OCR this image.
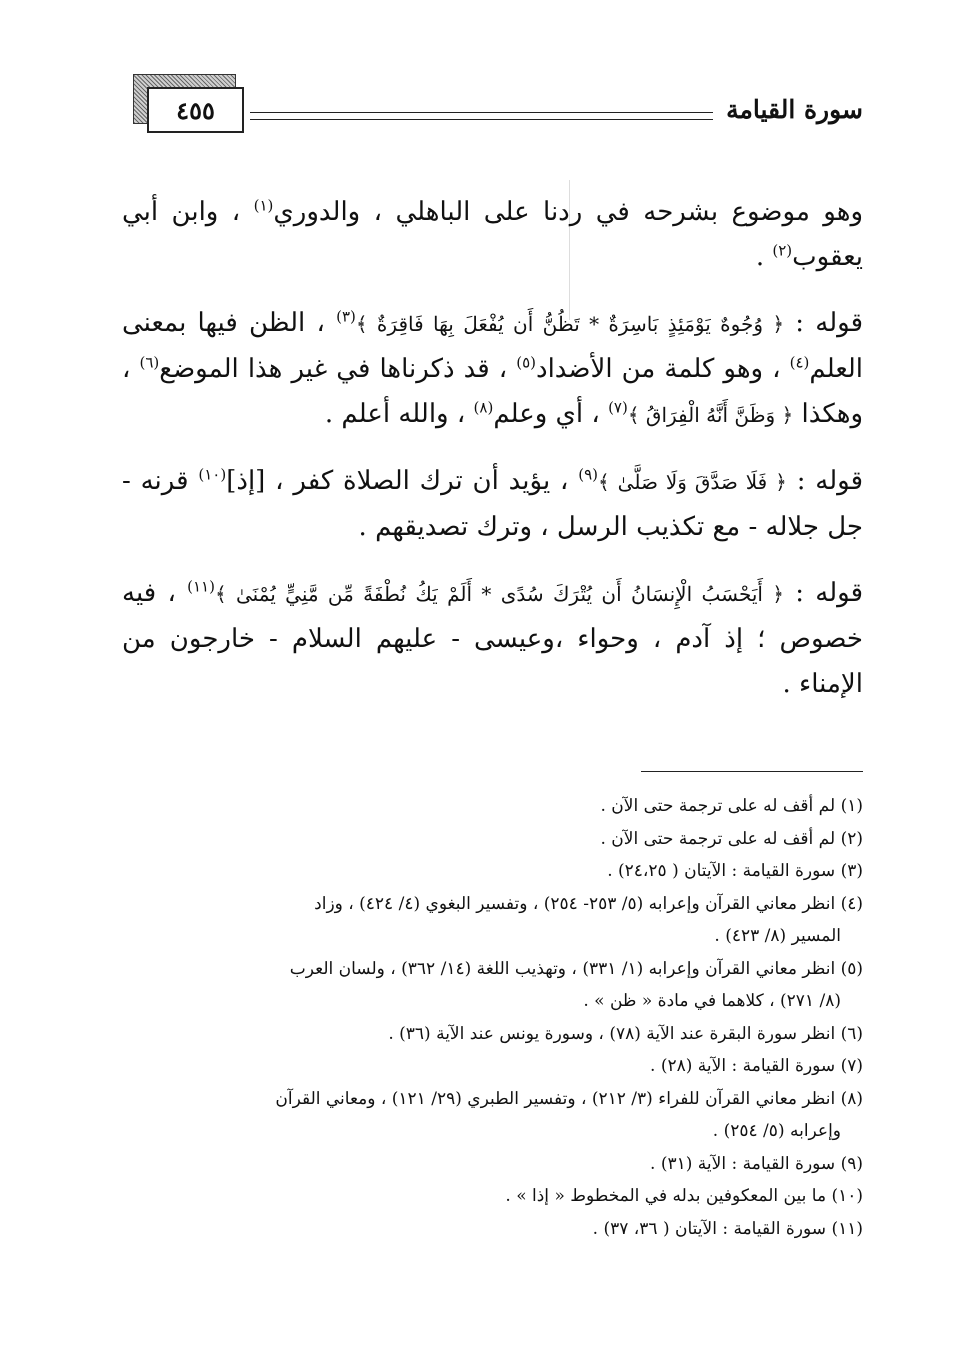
سورة القيامة
٤٥٥

وهو موضوع بشرحه في ردنا على الباهلي ، والدوري$^{(١)}$ ، وابن أبي يعقوب$^{(٢)}$ .

قوله : ﴿ وُجُوهٌ يَوْمَئِذٍ بَاسِرَةٌ * تَظُنُّ أَن يُفْعَلَ بِهَا فَاقِرَةٌ ﴾$^{(٣)}$ ، الظن فيها بمعنى العلم$^{(٤)}$ ، وهو كلمة من الأضداد$^{(٥)}$ ، قد ذكرناها في غير هذا الموضع$^{(٦)}$ ، وهكذا ﴿ وَظَنَّ أَنَّهُ الْفِرَاقُ ﴾$^{(٧)}$ ، أي وعلم$^{(٨)}$ ، والله أعلم .

قوله : ﴿ فَلَا صَدَّقَ وَلَا صَلَّىٰ ﴾$^{(٩)}$ ، يؤيد أن ترك الصلاة كفر ، [إذ]$^{(١٠)}$ قرنه - جل جلاله - مع تكذيب الرسل ، وترك تصديقهم .

قوله : ﴿ أَيَحْسَبُ الْإِنسَانُ أَن يُتْرَكَ سُدًى * أَلَمْ يَكُ نُطْفَةً مِّن مَّنِيٍّ يُمْنَىٰ ﴾$^{(١١)}$ ، فيه خصوص ؛ إذ آدم ، وحواء ،وعيسى - عليهم السلام - خارجون من الإمناء .

(١) لم أقف له على ترجمة حتى الآن .

(٢) لم أقف له على ترجمة حتى الآن .

(٣) سورة القيامة : الآيتان ( ٢٤،٢٥) .

(٤) انظر معاني القرآن وإعرابه (٥/ ٢٥٣- ٢٥٤) ، وتفسير البغوي (٤/ ٤٢٤) ، وزاد

المسير (٨/ ٤٢٣) .

(٥) انظر معاني القرآن وإعرابه (١/ ٣٣١) ، وتهذيب اللغة (١٤/ ٣٦٢) ، ولسان العرب

(٨/ ٢٧١) ، كلاهما في مادة « ظن » .

(٦) انظر سورة البقرة عند الآية (٧٨) ، وسورة يونس عند الآية (٣٦) .

(٧) سورة القيامة : الآية (٢٨) .

(٨) انظر معاني القرآن للفراء (٣/ ٢١٢) ، وتفسير الطبري (٢٩/ ١٢١) ، ومعاني القرآن

وإعرابه (٥/ ٢٥٤) .

(٩) سورة القيامة : الآية (٣١) .

(١٠) ما بين المعكوفين بدله في المخطوط « إذا » .

(١١) سورة القيامة : الآيتان ( ٣٦، ٣٧) .
